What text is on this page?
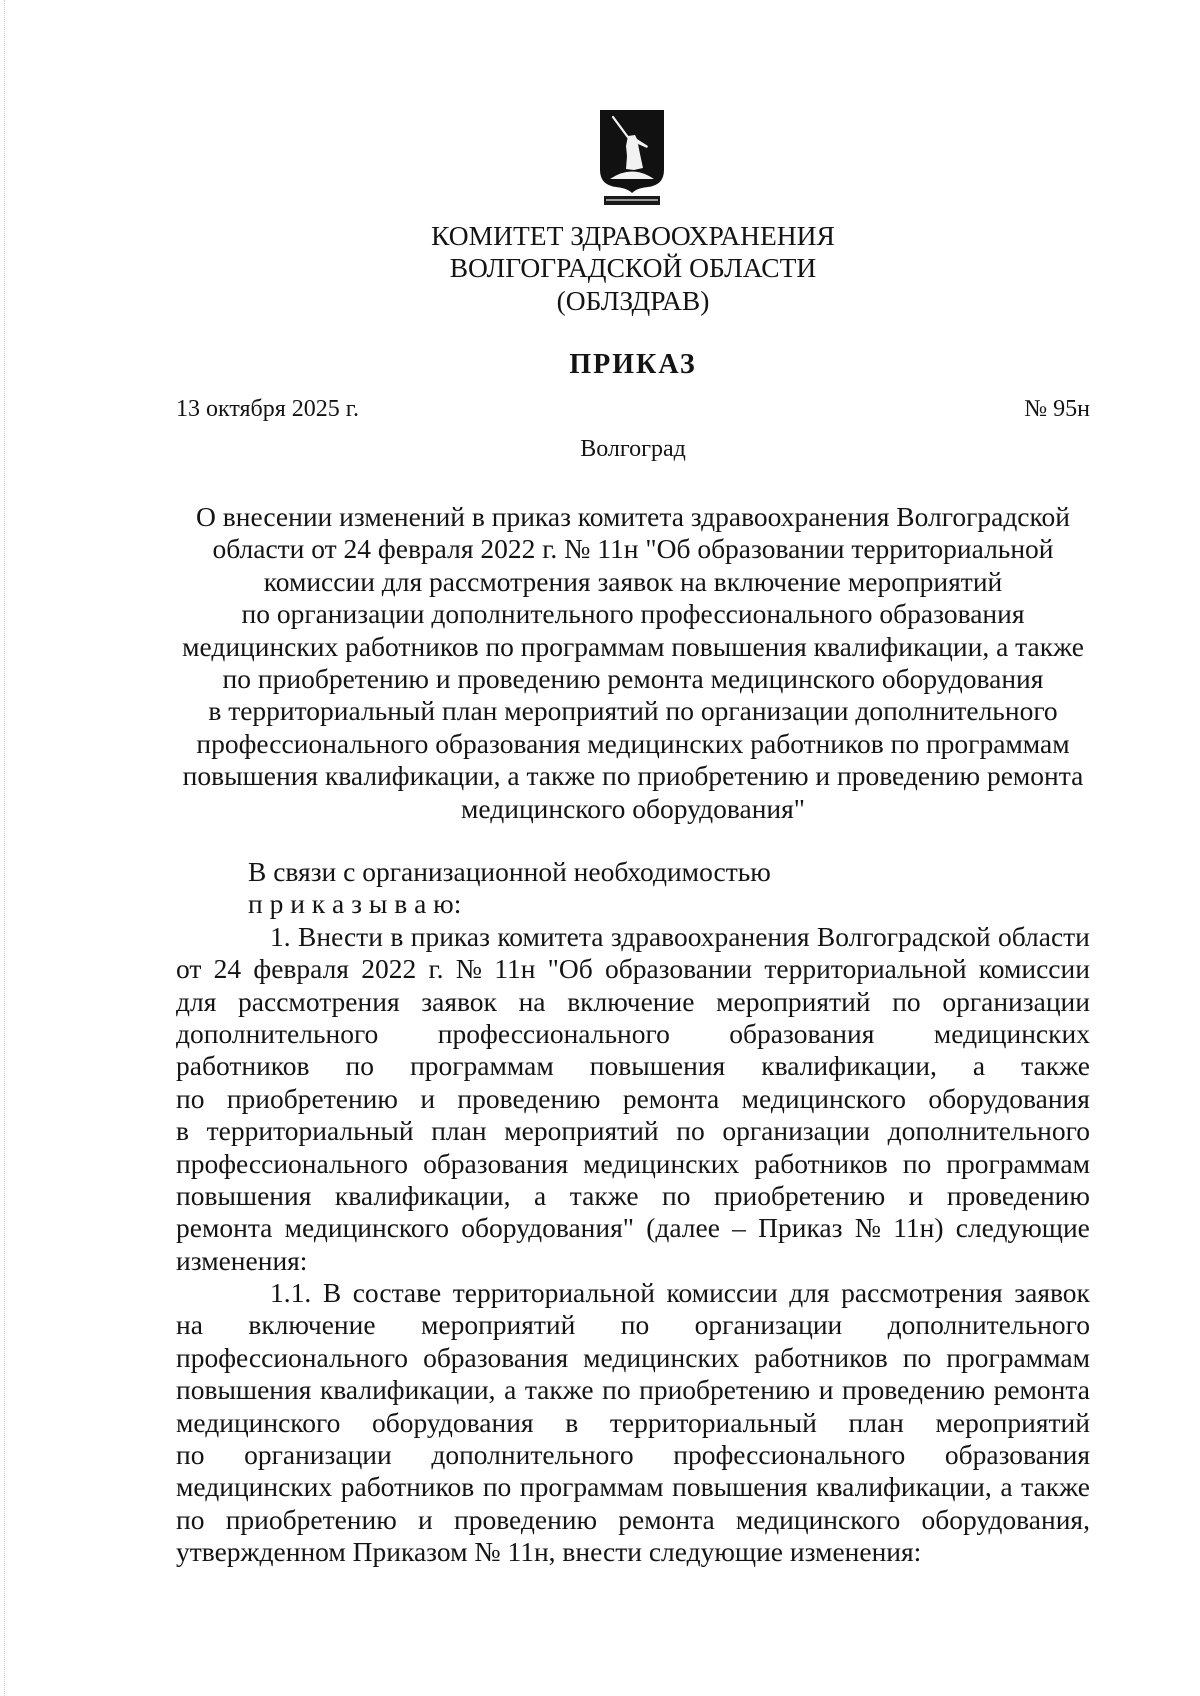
КОМИТЕТ ЗДРАВООХРАНЕНИЯ
ВОЛГОГРАДСКОЙ ОБЛАСТИ
(ОБЛЗДРАВ)
ПРИКАЗ
13 октября 2025 г.	№ 95н
Волгоград
О внесении изменений в приказ комитета здравоохранения Волгоградской
области от 24 февраля 2022 г. № 11н "Об образовании территориальной
комиссии для рассмотрения заявок на включение мероприятий
по организации дополнительного профессионального образования
медицинских работников по программам повышения квалификации, а также
по приобретению и проведению ремонта медицинского оборудования
в территориальный план мероприятий по организации дополнительного
профессионального образования медицинских работников по программам
повышения квалификации, а также по приобретению и проведению ремонта
медицинского оборудования"
В связи с организационной необходимостью
п р и к а з ы в а ю:
1. Внести в приказ комитета здравоохранения Волгоградской области
от 24 февраля 2022 г. № 11н "Об образовании территориальной комиссии
для рассмотрения заявок на включение мероприятий по организации
дополнительного профессионального образования медицинских
работников по программам повышения квалификации, а также
по приобретению и проведению ремонта медицинского оборудования
в территориальный план мероприятий по организации дополнительного
профессионального образования медицинских работников по программам
повышения квалификации, а также по приобретению и проведению
ремонта медицинского оборудования" (далее – Приказ № 11н) следующие
изменения:
1.1. В составе территориальной комиссии для рассмотрения заявок
на включение мероприятий по организации дополнительного
профессионального образования медицинских работников по программам
повышения квалификации, а также по приобретению и проведению ремонта
медицинского оборудования в территориальный план мероприятий
по организации дополнительного профессионального образования
медицинских работников по программам повышения квалификации, а также
по приобретению и проведению ремонта медицинского оборудования,
утвержденном Приказом № 11н, внести следующие изменения:
